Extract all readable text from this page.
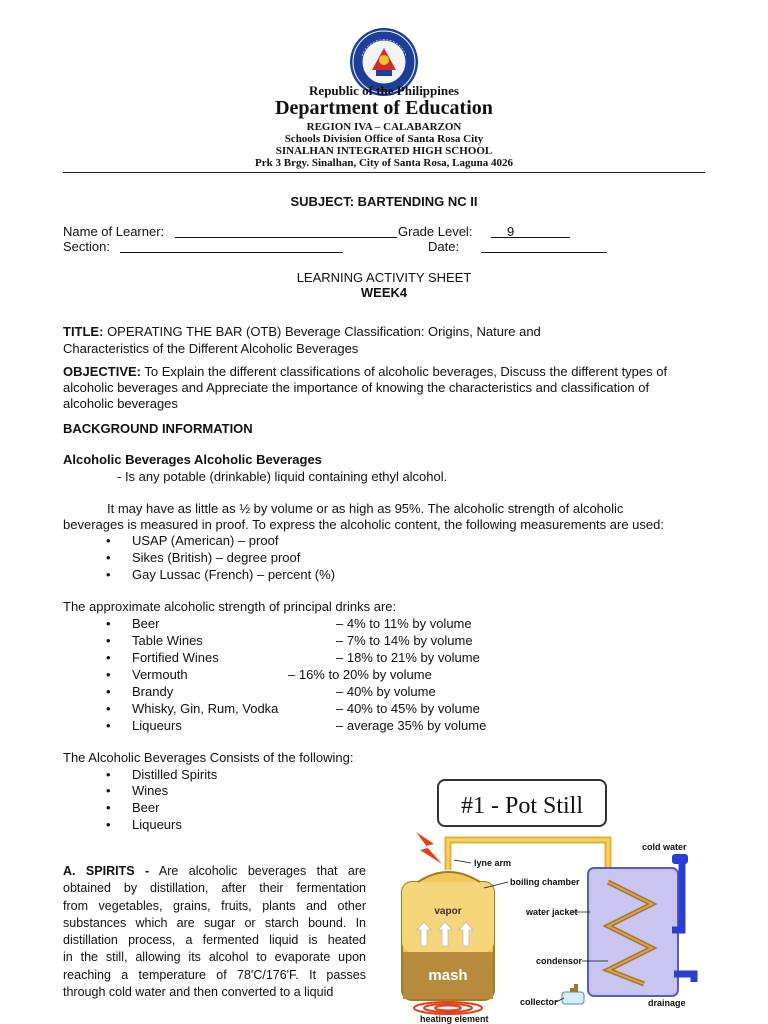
Republic of the Philippines
Department of Education
REGION IVA – CALABARZON
Schools Division Office of Santa Rosa City
SINALHAN INTEGRATED HIGH SCHOOL
Prk 3 Brgy. Sinalhan, City of Santa Rosa, Laguna 4026
SUBJECT: BARTENDING NC II
Name of Learner:	Grade Level:	9
Section:	Date:
LEARNING ACTIVITY SHEET
WEEK4
TITLE: OPERATING THE BAR (OTB) Beverage Classification: Origins, Nature and
Characteristics of the Different Alcoholic Beverages
OBJECTIVE: To Explain the different classifications of alcoholic beverages, Discuss the different types of
alcoholic beverages and Appreciate the importance of knowing the characteristics and classification of
alcoholic beverages
BACKGROUND INFORMATION
Alcoholic Beverages Alcoholic Beverages
- Is any potable (drinkable) liquid containing ethyl alcohol.
It may have as little as ½ by volume or as high as 95%. The alcoholic strength of alcoholic
beverages is measured in proof. To express the alcoholic content, the following measurements are used:
• USAP (American) – proof
• Sikes (British) – degree proof
• Gay Lussac (French) – percent (%)
The approximate alcoholic strength of principal drinks are:
• Beer	– 4% to 11% by volume
• Table Wines	– 7% to 14% by volume
• Fortified Wines	– 18% to 21% by volume
• Vermouth	– 16% to 20% by volume
• Brandy	– 40% by volume
• Whisky, Gin, Rum, Vodka	– 40% to 45% by volume
• Liqueurs	– average 35% by volume
The Alcoholic Beverages Consists of the following:
• Distilled Spirits
• Wines
• Beer
• Liqueurs
A. SPIRITS - Are alcoholic beverages that are
obtained by distillation, after their fermentation
from vegetables, grains, fruits, plants and other
substances which are sugar or starch bound. In
distillation process, a fermented liquid is heated
in the still, allowing its alcohol to evaporate upon
reaching a temperature of 78'C/176'F. It passes
through cold water and then converted to a liquid
#1 - Pot Still
vapor
mash
cold water
lyne arm
boiling chamber
water jacket
condensor
collector	drainage
heating element
